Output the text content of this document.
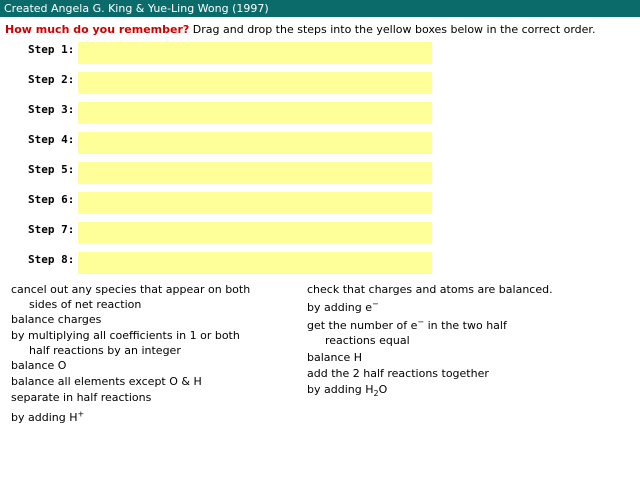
Created Angela G. King & Yue-Ling Wong (1997)
How much do you remember? Drag and drop the steps into the yellow boxes below in the correct order.
Step 1:
Step 2:
Step 3:
Step 4:
Step 5:
Step 6:
Step 7:
Step 8:
cancel out any species that appear on both
sides of net reaction
balance charges
by multiplying all coefficients in 1 or both
half reactions by an integer
balance O
balance all elements except O & H
separate in half reactions
by adding H+
check that charges and atoms are balanced.
by adding e−
get the number of e− in the two half
reactions equal
balance H
add the 2 half reactions together
by adding $H_2O$
